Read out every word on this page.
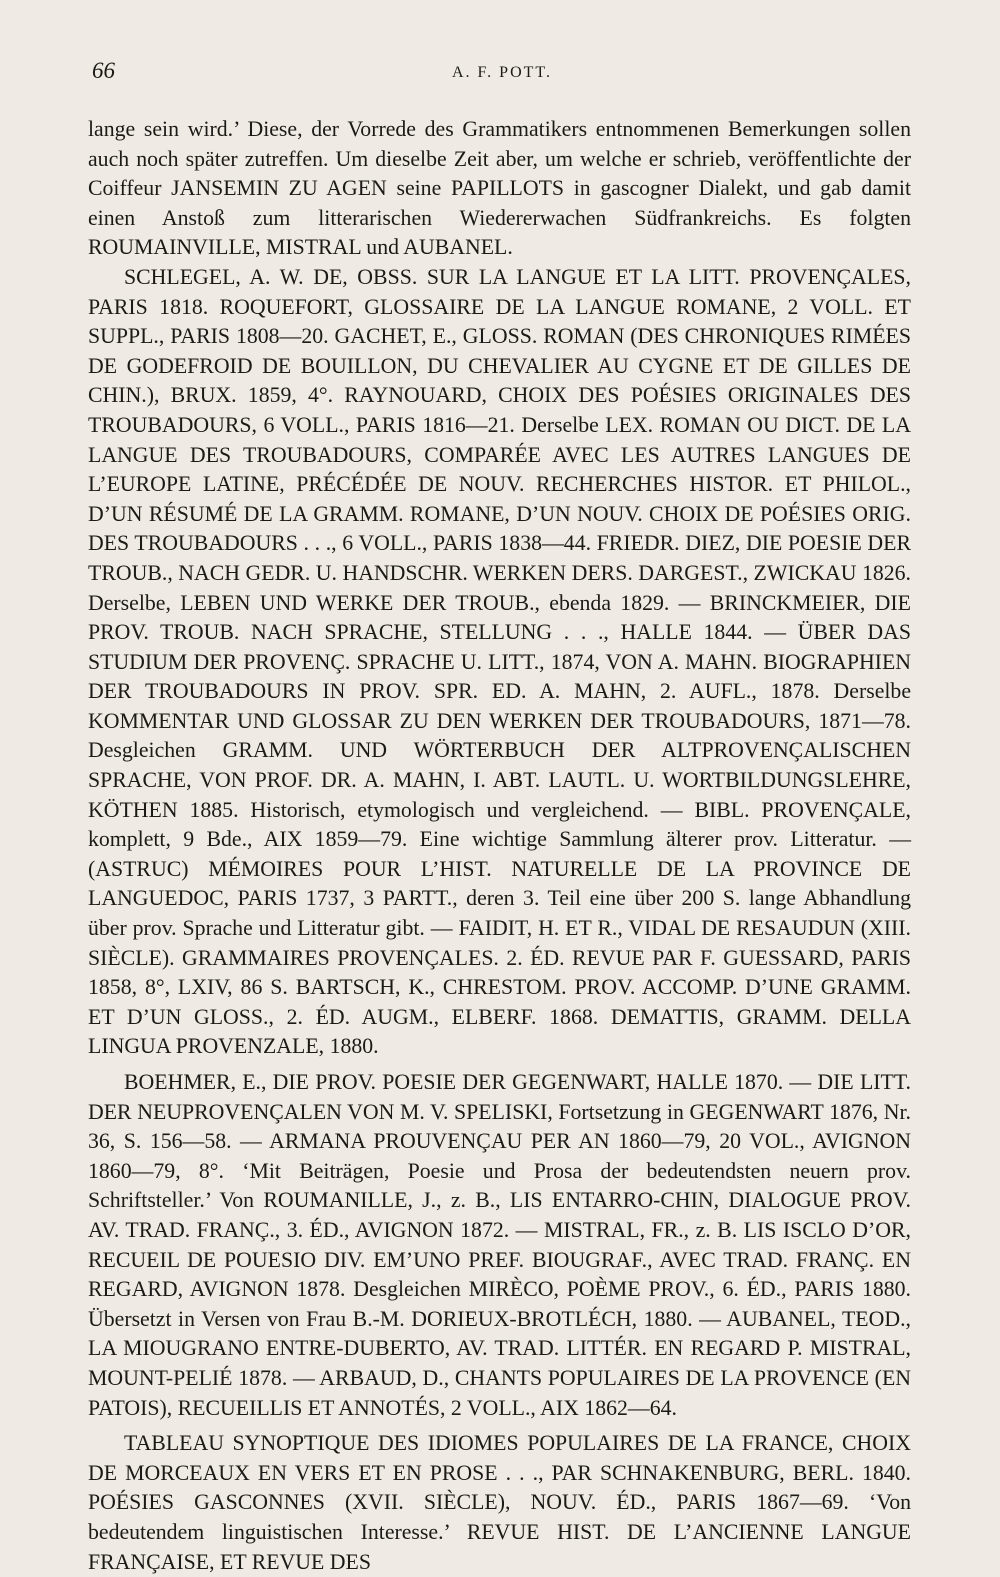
66	A. F. POTT.

lange sein wird.’ Diese, der Vorrede des Grammatikers entnommenen Bemerkungen sollen auch noch später zutreffen. Um dieselbe Zeit aber, um welche er schrieb, veröffentlichte der Coiffeur JANSEMIN ZU AGEN seine PAPILLOTS in gascogner Dialekt, und gab damit einen Anstoß zum litterarischen Wiedererwachen Südfrankreichs. Es folgten ROUMAINVILLE, MISTRAL und AUBANEL.

SCHLEGEL, A. W. DE, OBSS. SUR LA LANGUE ET LA LITT. PROVENÇALES, PARIS 1818. ROQUEFORT, GLOSSAIRE DE LA LANGUE ROMANE, 2 VOLL. ET SUPPL., PARIS 1808—20. GACHET, E., GLOSS. ROMAN (DES CHRONIQUES RIMÉES DE GODEFROID DE BOUILLON, DU CHEVALIER AU CYGNE ET DE GILLES DE CHIN.), BRUX. 1859, 4°. RAYNOUARD, CHOIX DES POÉSIES ORIGINALES DES TROUBADOURS, 6 VOLL., PARIS 1816—21. Derselbe LEX. ROMAN OU DICT. DE LA LANGUE DES TROUBADOURS, COMPARÉE AVEC LES AUTRES LANGUES DE L’EUROPE LATINE, PRÉCÉDÉE DE NOUV. RECHERCHES HISTOR. ET PHILOL., D’UN RÉSUMÉ DE LA GRAMM. ROMANE, D’UN NOUV. CHOIX DE POÉSIES ORIG. DES TROUBADOURS . . ., 6 VOLL., PARIS 1838—44. FRIEDR. DIEZ, DIE POESIE DER TROUB., NACH GEDR. U. HANDSCHR. WERKEN DERS. DARGEST., ZWICKAU 1826. Derselbe, LEBEN UND WERKE DER TROUB., ebenda 1829. — BRINCKMEIER, DIE PROV. TROUB. NACH SPRACHE, STELLUNG . . ., HALLE 1844. — ÜBER DAS STUDIUM DER PROVENÇ. SPRACHE U. LITT., 1874, VON A. MAHN. BIOGRAPHIEN DER TROUBADOURS IN PROV. SPR. ED. A. MAHN, 2. AUFL., 1878. Derselbe KOMMENTAR UND GLOSSAR ZU DEN WERKEN DER TROUBADOURS, 1871—78. Desgleichen GRAMM. UND WÖRTERBUCH DER ALTPROVENÇALISCHEN SPRACHE, VON PROF. DR. A. MAHN, I. ABT. LAUTL. U. WORTBILDUNGSLEHRE, KÖTHEN 1885. Historisch, etymologisch und vergleichend. — BIBL. PROVENÇALE, komplett, 9 Bde., AIX 1859—79. Eine wichtige Sammlung älterer prov. Litteratur. — (ASTRUC) MÉMOIRES POUR L’HIST. NATURELLE DE LA PROVINCE DE LANGUEDOC, PARIS 1737, 3 PARTT., deren 3. Teil eine über 200 S. lange Abhandlung über prov. Sprache und Litteratur gibt. — FAIDIT, H. ET R., VIDAL DE RESAUDUN (XIII. SIÈCLE). GRAMMAIRES PROVENÇALES. 2. ÉD. REVUE PAR F. GUESSARD, PARIS 1858, 8°, LXIV, 86 S. BARTSCH, K., CHRESTOM. PROV. ACCOMP. D’UNE GRAMM. ET D’UN GLOSS., 2. ÉD. AUGM., ELBERF. 1868. DEMATTIS, GRAMM. DELLA LINGUA PROVENZALE, 1880.

BOEHMER, E., DIE PROV. POESIE DER GEGENWART, HALLE 1870. — DIE LITT. DER NEUPROVENÇALEN VON M. V. SPELISKI, Fortsetzung in GEGENWART 1876, Nr. 36, S. 156—58. — ARMANA PROUVENÇAU PER AN 1860—79, 20 VOL., AVIGNON 1860—79, 8°. ‘Mit Beiträgen, Poesie und Prosa der bedeutendsten neuern prov. Schriftsteller.’ Von ROUMANILLE, J., z. B., LIS ENTARRO-CHIN, DIALOGUE PROV. AV. TRAD. FRANÇ., 3. ÉD., AVIGNON 1872. — MISTRAL, FR., z. B. LIS ISCLO D’OR, RECUEIL DE POUESIO DIV. EM’UNO PREF. BIOUGRAF., AVEC TRAD. FRANÇ. EN REGARD, AVIGNON 1878. Desgleichen MIRÈCO, POÈME PROV., 6. ÉD., PARIS 1880. Übersetzt in Versen von Frau B.-M. DORIEUX-BROTLÉCH, 1880. — AUBANEL, TEOD., LA MIOUGRANO ENTRE-DUBERTO, AV. TRAD. LITTÉR. EN REGARD P. MISTRAL, MOUNT-PELIÉ 1878. — ARBAUD, D., CHANTS POPULAIRES DE LA PROVENCE (EN PATOIS), RECUEILLIS ET ANNOTÉS, 2 VOLL., AIX 1862—64.

TABLEAU SYNOPTIQUE DES IDIOMES POPULAIRES DE LA FRANCE, CHOIX DE MORCEAUX EN VERS ET EN PROSE . . ., PAR SCHNAKENBURG, BERL. 1840. POÉSIES GASCONNES (XVII. SIÈCLE), NOUV. ÉD., PARIS 1867—69. ‘Von bedeutendem linguistischen Interesse.’ REVUE HIST. DE L’ANCIENNE LANGUE FRANÇAISE, ET REVUE DES
